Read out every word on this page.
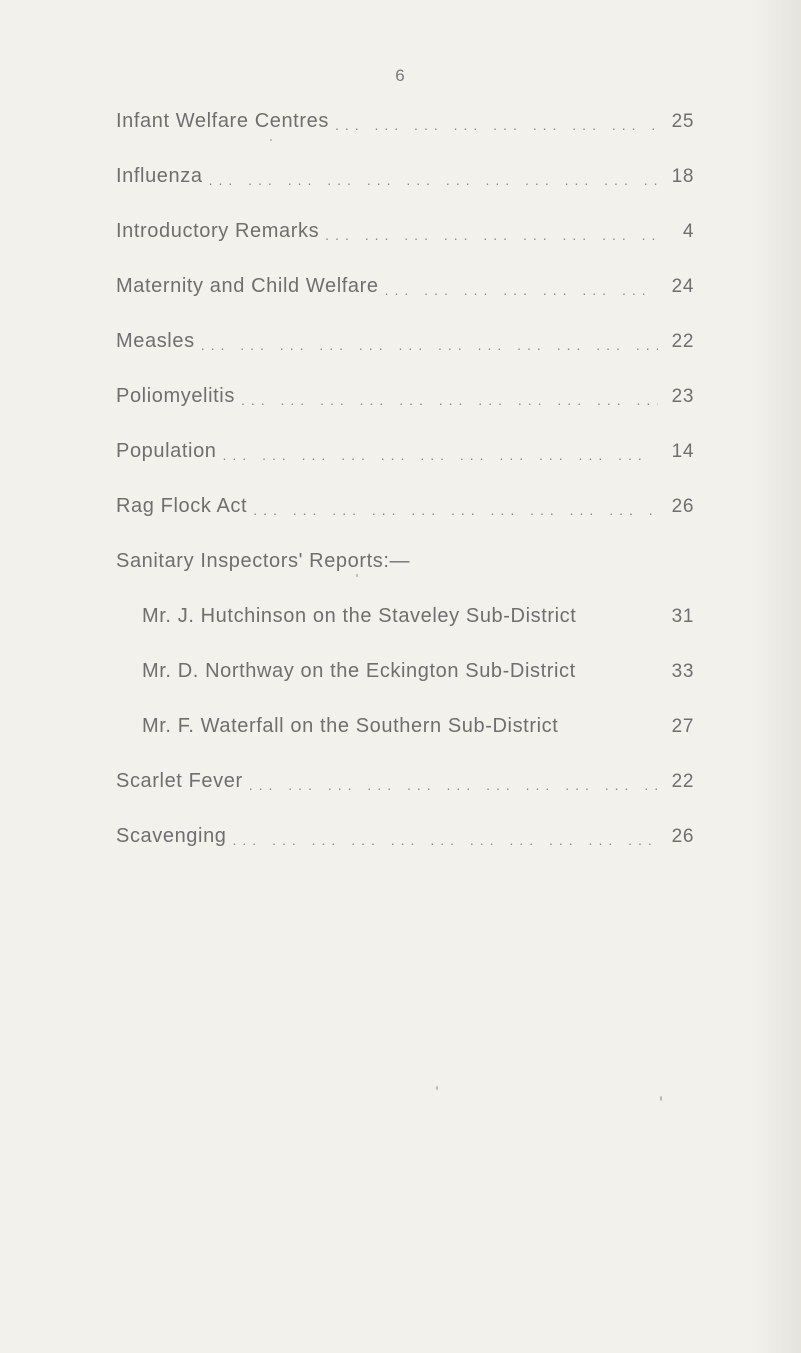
6
Infant Welfare Centres ... .	25
Influenza ... .	18
Introductory Remarks ... .	4
Maternity and Child Welfare ... .	24
Measles ... .	22
Poliomyelitis ... .	23
Population ... .	14
Rag Flock Act ... .	26
Sanitary Inspectors' Reports:—
Mr. J. Hutchinson on the Staveley Sub-District	31
Mr. D. Northway on the Eckington Sub-District	33
Mr. F. Waterfall on the Southern Sub-District	27
Scarlet Fever ... .	22
Scavenging ... .	26
